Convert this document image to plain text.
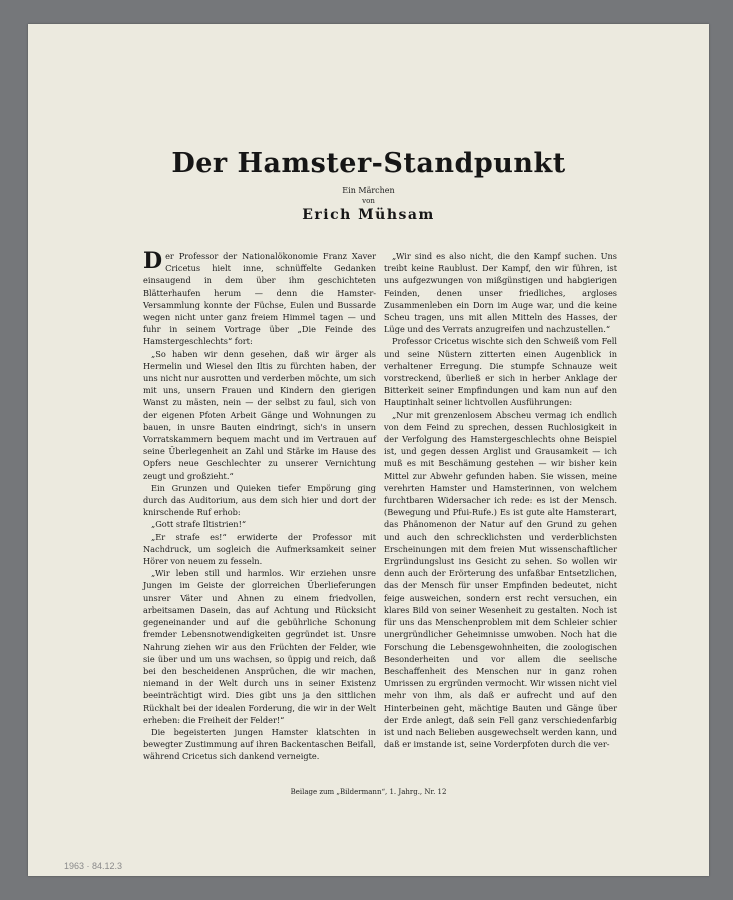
Der Hamster-Standpunkt
Ein Märchen
von
Erich Mühsam

Der Professor der Nationalökonomie Franz Xaver Cricetus hielt inne, schnüffelte Gedanken einsaugend in dem über ihm geschichteten Blätterhaufen herum — denn die Hamster-Versammlung konnte der Füchse, Eulen und Bussarde wegen nicht unter ganz freiem Himmel tagen — und fuhr in seinem Vortrage über „Die Feinde des Hamstergeschlechts“ fort:

„So haben wir denn gesehen, daß wir ärger als Hermelin und Wiesel den Iltis zu fürchten haben, der uns nicht nur ausrotten und verderben möchte, um sich mit uns, unsern Frauen und Kindern den gierigen Wanst zu mästen, nein — der selbst zu faul, sich von der eigenen Pfoten Arbeit Gänge und Wohnungen zu bauen, in unsre Bauten eindringt, sich's in unsern Vorratskammern bequem macht und im Vertrauen auf seine Überlegenheit an Zahl und Stärke im Hause des Opfers neue Geschlechter zu unserer Vernichtung zeugt und großzieht.“

Ein Grunzen und Quieken tiefer Empörung ging durch das Auditorium, aus dem sich hier und dort der knirschende Ruf erhob:

„Gott strafe Iltistrien!“

„Er strafe es!“ erwiderte der Professor mit Nachdruck, um sogleich die Aufmerksamkeit seiner Hörer von neuem zu fesseln.

„Wir leben still und harmlos. Wir erziehen unsre Jungen im Geiste der glorreichen Überlieferungen unsrer Väter und Ahnen zu einem friedvollen, arbeitsamen Dasein, das auf Achtung und Rücksicht gegeneinander und auf die gebührliche Schonung fremder Lebensnotwendigkeiten gegründet ist. Unsre Nahrung ziehen wir aus den Früchten der Felder, wie sie über und um uns wachsen, so üppig und reich, daß bei den bescheidenen Ansprüchen, die wir machen, niemand in der Welt durch uns in seiner Existenz beeinträchtigt wird. Dies gibt uns ja den sittlichen Rückhalt bei der idealen Forderung, die wir in der Welt erheben: die Freiheit der Felder!“

Die begeisterten jungen Hamster klatschten in bewegter Zustimmung auf ihren Backentaschen Beifall, während Cricetus sich dankend verneigte.

„Wir sind es also nicht, die den Kampf suchen. Uns treibt keine Raublust. Der Kampf, den wir führen, ist uns aufgezwungen von mißgünstigen und habgierigen Feinden, denen unser friedliches, argloses Zusammenleben ein Dorn im Auge war, und die keine Scheu tragen, uns mit allen Mitteln des Hasses, der Lüge und des Verrats anzugreifen und nachzustellen.“

Professor Cricetus wischte sich den Schweiß vom Fell und seine Nüstern zitterten einen Augenblick in verhaltener Erregung. Die stumpfe Schnauze weit vorstreckend, überließ er sich in herber Anklage der Bitterkeit seiner Empfindungen und kam nun auf den Hauptinhalt seiner lichtvollen Ausführungen:

„Nur mit grenzenlosem Abscheu vermag ich endlich von dem Feind zu sprechen, dessen Ruchlosigkeit in der Verfolgung des Hamstergeschlechts ohne Beispiel ist, und gegen dessen Arglist und Grausamkeit — ich muß es mit Beschämung gestehen — wir bisher kein Mittel zur Abwehr gefunden haben. Sie wissen, meine verehrten Hamster und Hamsterinnen, von welchem furchtbaren Widersacher ich rede: es ist der Mensch. (Bewegung und Pfui-Rufe.) Es ist gute alte Hamsterart, das Phänomenon der Natur auf den Grund zu gehen und auch den schrecklichsten und verderblichsten Erscheinungen mit dem freien Mut wissenschaftlicher Ergründungslust ins Gesicht zu sehen. So wollen wir denn auch der Erörterung des unfaßbar Entsetzlichen, das der Mensch für unser Empfinden bedeutet, nicht feige ausweichen, sondern erst recht versuchen, ein klares Bild von seiner Wesenheit zu gestalten. Noch ist für uns das Menschenproblem mit dem Schleier schier unergründlicher Geheimnisse umwoben. Noch hat die Forschung die Lebensgewohnheiten, die zoologischen Besonderheiten und vor allem die seelische Beschaffenheit des Menschen nur in ganz rohen Umrissen zu ergründen vermocht. Wir wissen nicht viel mehr von ihm, als daß er aufrecht und auf den Hinterbeinen geht, mächtige Bauten und Gänge über der Erde anlegt, daß sein Fell ganz verschiedenfarbig ist und nach Belieben ausgewechselt werden kann, und daß er imstande ist, seine Vorderpfoten durch die ver-

Beilage zum „Bildermann“, 1. Jahrg., Nr. 12
1963 · 84.12.3
